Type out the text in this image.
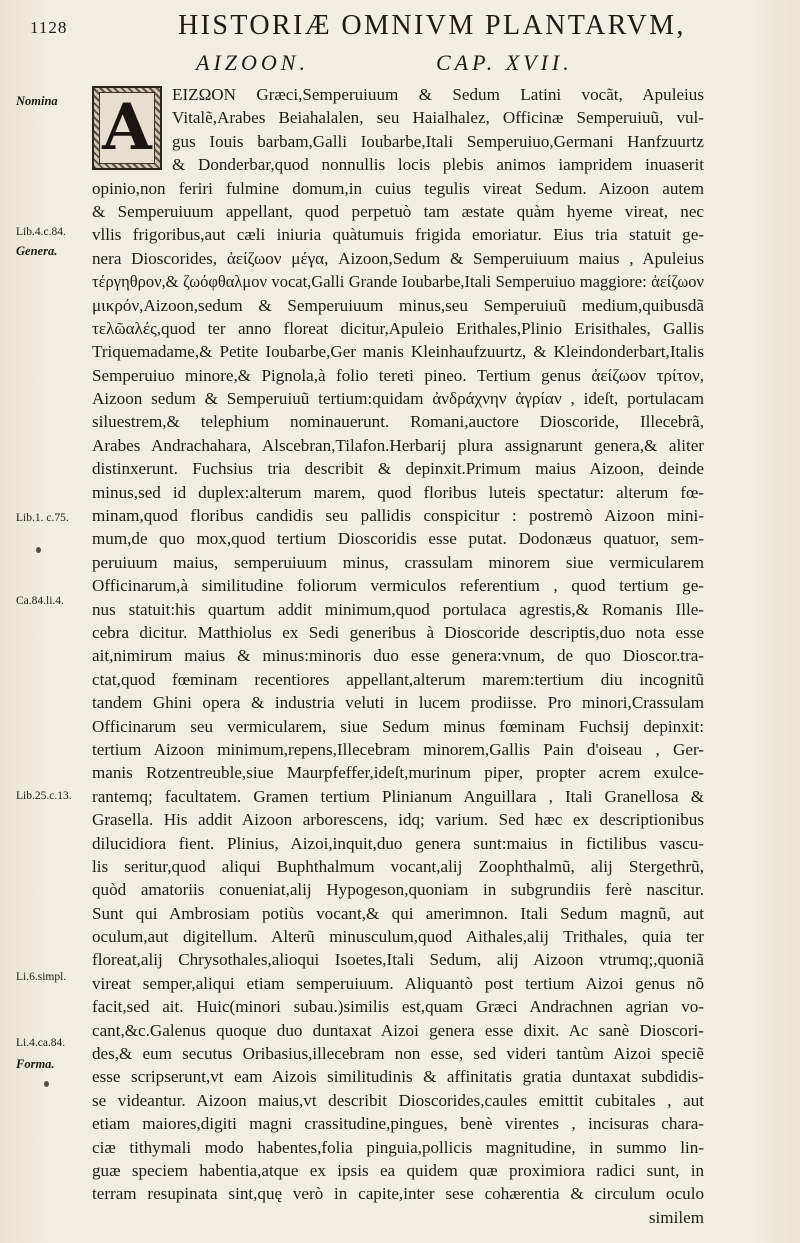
1128	HISTORIÆ OMNIVM PLANTARVM,
AIZOON.	CAP. XVII.
A
Nomina
Lib.4.c.84.
Genera.
Lib.1. c.75.
Ca.84.li.4.
Lib.25.c.13.
Li.6.simpl.
Li.4.ca.84.
Forma.
EIZΩON Græci,Semperuiuum & Sedum Latini vocãt, Apuleius
Vitalẽ,Arabes Beiahalalen, seu Haialhalez, Officinæ Semperuiuũ, vul-
gus Iouis barbam,Galli Ioubarbe,Itali Semperuiuo,Germani Hanfzuurtz
& Donderbar,quod nonnullis locis plebis animos iampridem inuaserit
opinio,non feriri fulmine domum,in cuius tegulis vireat Sedum. Aizoon autem
& Semperuiuum appellant, quod perpetuò tam æstate quàm hyeme vireat, nec
vllis frigoribus,aut cæli iniuria quàtumuis frigida emoriatur. Eius tria statuit ge-
nera Dioscorides, ἀείζωον μέγα, Aizoon,Sedum & Semperuiuum maius , Apuleius
τέργηθρον,& ζωόφθαλμον vocat,Galli Grande Ioubarbe,Itali Semperuiuo maggiore: ἀείζωον
μικρόν,Aizoon,sedum & Semperuiuum minus,seu Semperuiuũ medium,quibusdã
τελῶαλές,quod ter anno floreat dicitur,Apuleio Erithales,Plinio Erisithales, Gallis
Triquemadame,& Petite Ioubarbe,Ger manis Kleinhaufzuurtz, & Kleindonderbart,Italis
Semperuiuo minore,& Pignola,à folio tereti pineo. Tertium genus ἀείζωον τρίτον,
Aizoon sedum & Semperuiuũ tertium:quidam ἀνδράχνην ἀγρίαν , ideſt, portulacam
siluestrem,& telephium nominauerunt. Romani,auctore Dioscoride, Illecebrã,
Arabes Andrachahara, Alscebran,Tilafon.Herbarij plura assignarunt genera,& aliter
distinxerunt. Fuchsius tria describit & depinxit.Primum maius Aizoon, deinde
minus,sed id duplex:alterum marem, quod floribus luteis spectatur: alterum fœ-
minam,quod floribus candidis seu pallidis conspicitur : postremò Aizoon mini-
mum,de quo mox,quod tertium Dioscoridis esse putat. Dodonæus quatuor, sem-
peruiuum maius, semperuiuum minus, crassulam minorem siue vermicularem
Officinarum,à similitudine foliorum vermiculos referentium , quod tertium ge-
nus statuit:his quartum addit minimum,quod portulaca agrestis,& Romanis Ille-
cebra dicitur. Matthiolus ex Sedi generibus à Dioscoride descriptis,duo nota esse
ait,nimirum maius & minus:minoris duo esse genera:vnum, de quo Dioscor.tra-
ctat,quod fœminam recentiores appellant,alterum marem:tertium diu incognitũ
tandem Ghini opera & industria veluti in lucem prodiisse. Pro minori,Crassulam
Officinarum seu vermicularem, siue Sedum minus fœminam Fuchsij depinxit:
tertium Aizoon minimum,repens,Illecebram minorem,Gallis Pain d'oiseau , Ger-
manis Rotzentreuble,siue Maurpfeffer,ideſt,murinum piper, propter acrem exulce-
rantemq; facultatem. Gramen tertium Plinianum Anguillara , Itali Granellosa &
Grasella. His addit Aizoon arborescens, idq; varium. Sed hæc ex descriptionibus
dilucidiora fient. Plinius, Aizoi,inquit,duo genera sunt:maius in fictilibus vascu-
lis seritur,quod aliqui Buphthalmum vocant,alij Zoophthalmũ, alij Stergethrũ,
quòd amatoriis conueniat,alij Hypogeson,quoniam in subgrundiis ferè nascitur.
Sunt qui Ambrosiam potiùs vocant,& qui amerimnon. Itali Sedum magnũ, aut
oculum,aut digitellum. Alterũ minusculum,quod Aithales,alij Trithales, quia ter
floreat,alij Chrysothales,alioqui Isoetes,Itali Sedum, alij Aizoon vtrumq;,quoniã
vireat semper,aliqui etiam semperuiuum. Aliquantò post tertium Aizoi genus nõ
facit,sed ait. Huic(minori subau.)similis est,quam Græci Andrachnen agrian vo-
cant,&c.Galenus quoque duo duntaxat Aizoi genera esse dixit. Ac sanè Dioscori-
des,& eum secutus Oribasius,illecebram non esse, sed videri tantùm Aizoi speciẽ
esse scripserunt,vt eam Aizois similitudinis & affinitatis gratia duntaxat subdidis-
se videantur. Aizoon maius,vt describit Dioscorides,caules emittit cubitales , aut
etiam maiores,digiti magni crassitudine,pingues, benè virentes , incisuras chara-
ciæ tithymali modo habentes,folia pinguia,pollicis magnitudine, in summo lin-
guæ speciem habentia,atque ex ipsis ea quidem quæ proximiora radici sunt, in
terram resupinata sint,quę verò in capite,inter sese cohærentia & circulum oculo
similem
